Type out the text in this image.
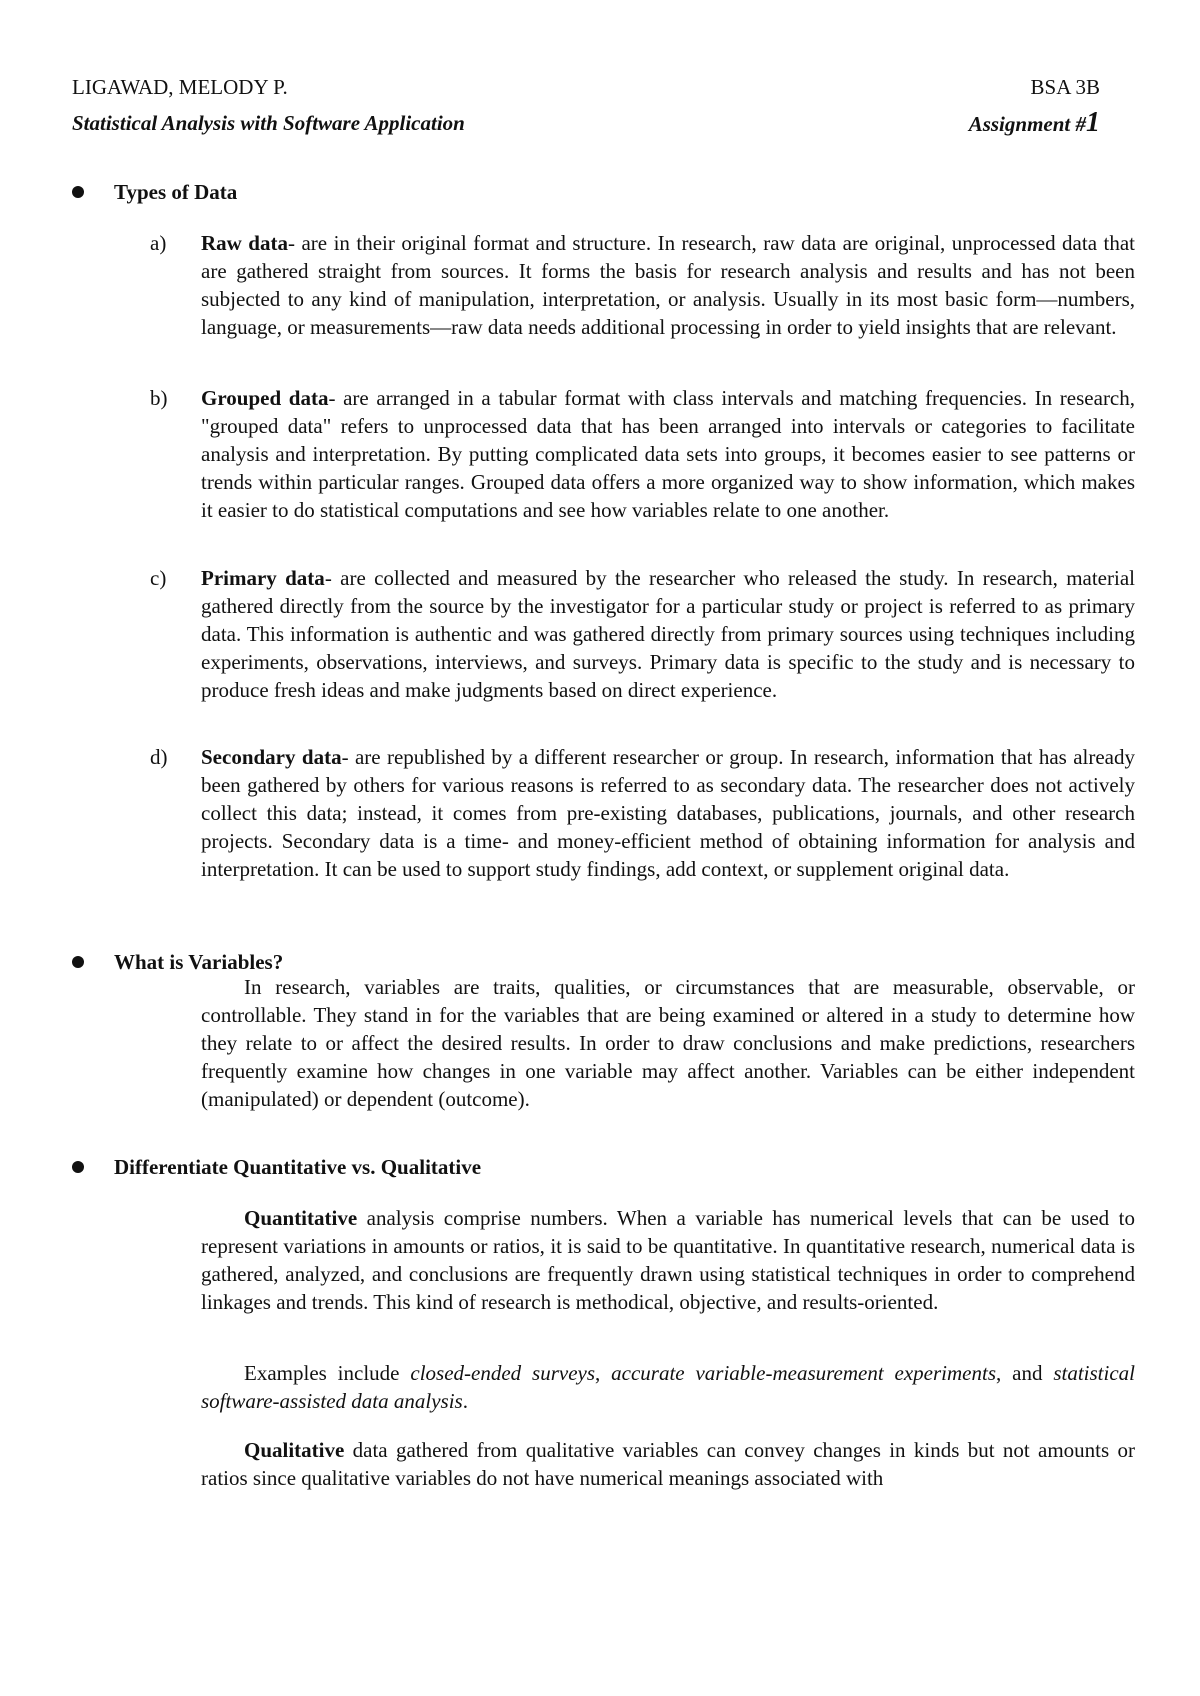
LIGAWAD, MELODY P.	BSA 3B
Statistical Analysis with Software Application	Assignment #1
Types of Data
a) Raw data- are in their original format and structure. In research, raw data are original, unprocessed data that are gathered straight from sources. It forms the basis for research analysis and results and has not been subjected to any kind of manipulation, interpretation, or analysis. Usually in its most basic form—numbers, language, or measurements—raw data needs additional processing in order to yield insights that are relevant.
b) Grouped data- are arranged in a tabular format with class intervals and matching frequencies. In research, "grouped data" refers to unprocessed data that has been arranged into intervals or categories to facilitate analysis and interpretation. By putting complicated data sets into groups, it becomes easier to see patterns or trends within particular ranges. Grouped data offers a more organized way to show information, which makes it easier to do statistical computations and see how variables relate to one another.
c) Primary data- are collected and measured by the researcher who released the study. In research, material gathered directly from the source by the investigator for a particular study or project is referred to as primary data. This information is authentic and was gathered directly from primary sources using techniques including experiments, observations, interviews, and surveys. Primary data is specific to the study and is necessary to produce fresh ideas and make judgments based on direct experience.
d) Secondary data- are republished by a different researcher or group. In research, information that has already been gathered by others for various reasons is referred to as secondary data. The researcher does not actively collect this data; instead, it comes from pre-existing databases, publications, journals, and other research projects. Secondary data is a time- and money-efficient method of obtaining information for analysis and interpretation. It can be used to support study findings, add context, or supplement original data.
What is Variables?
In research, variables are traits, qualities, or circumstances that are measurable, observable, or controllable. They stand in for the variables that are being examined or altered in a study to determine how they relate to or affect the desired results. In order to draw conclusions and make predictions, researchers frequently examine how changes in one variable may affect another. Variables can be either independent (manipulated) or dependent (outcome).
Differentiate Quantitative vs. Qualitative
Quantitative analysis comprise numbers. When a variable has numerical levels that can be used to represent variations in amounts or ratios, it is said to be quantitative. In quantitative research, numerical data is gathered, analyzed, and conclusions are frequently drawn using statistical techniques in order to comprehend linkages and trends. This kind of research is methodical, objective, and results-oriented.
Examples include closed-ended surveys, accurate variable-measurement experiments, and statistical software-assisted data analysis.
Qualitative data gathered from qualitative variables can convey changes in kinds but not amounts or ratios since qualitative variables do not have numerical meanings associated with
